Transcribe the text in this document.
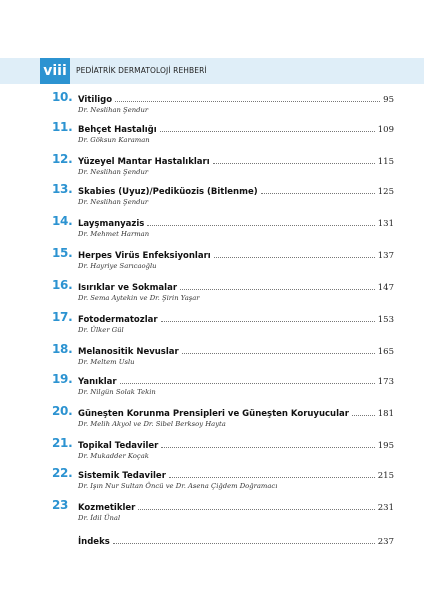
viii	PEDİATRİK DERMATOLOJİ REHBERİ
10. Vitiligo	95
Dr. Neslihan Şendur
11. Behçet Hastalığı	109
Dr. Göksun Karaman
12. Yüzeyel Mantar Hastalıkları	115
Dr. Neslihan Şendur
13. Skabies (Uyuz)/Pediküozis (Bitlenme)	125
Dr. Neslihan Şendur
14. Layşmanyazis	131
Dr. Mehmet Harman
15. Herpes Virüs Enfeksiyonları	137
Dr. Hayriye Sarıcaoğlu
16. Isırıklar ve Sokmalar	147
Dr. Sema Aytekin ve Dr. Şirin Yaşar
17. Fotodermatozlar	153
Dr. Ülker Gül
18. Melanositik Nevuslar	165
Dr. Meltem Uslu
19. Yanıklar	173
Dr. Nilgün Solak Tekin
20. Güneşten Korunma Prensipleri ve Güneşten Koruyucular	181
Dr. Melih Akyol ve Dr. Sibel Berksoy Hayta
21. Topikal Tedaviler	195
Dr. Mukadder Koçak
22. Sistemik Tedaviler	215
Dr. Işın Nur Sultan Öncü ve Dr. Asena Çiğdem Doğramacı
23 Kozmetikler	231
Dr. İdil Ünal
İndeks	237
